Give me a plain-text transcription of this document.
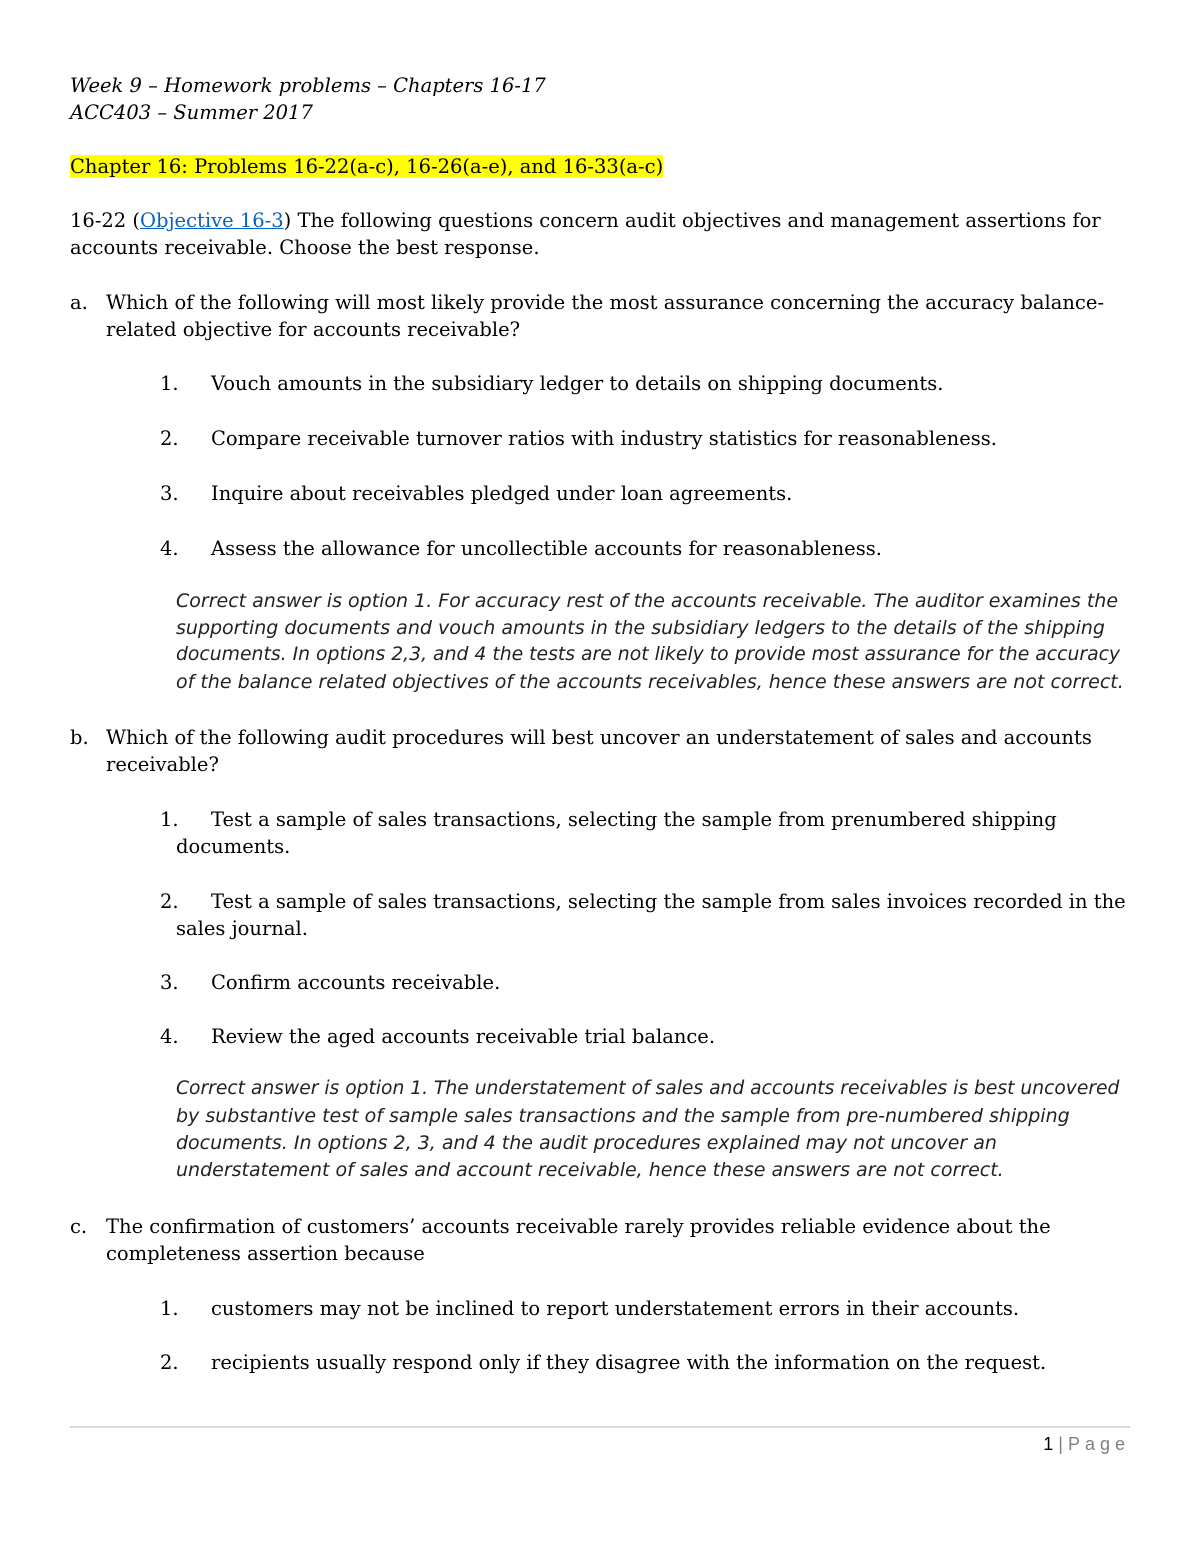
Week 9 – Homework problems – Chapters 16-17
ACC403 – Summer 2017
Chapter 16: Problems 16-22(a-c), 16-26(a-e), and 16-33(a-c)
16-22 (Objective 16-3) The following questions concern audit objectives and management assertions for
accounts receivable. Choose the best response.
a. Which of the following will most likely provide the most assurance concerning the accuracy balance-
related objective for accounts receivable?
1. Vouch amounts in the subsidiary ledger to details on shipping documents.
2. Compare receivable turnover ratios with industry statistics for reasonableness.
3. Inquire about receivables pledged under loan agreements.
4. Assess the allowance for uncollectible accounts for reasonableness.
Correct answer is option 1. For accuracy rest of the accounts receivable. The auditor examines the
supporting documents and vouch amounts in the subsidiary ledgers to the details of the shipping
documents. In options 2,3, and 4 the tests are not likely to provide most assurance for the accuracy
of the balance related objectives of the accounts receivables, hence these answers are not correct.
b. Which of the following audit procedures will best uncover an understatement of sales and accounts
receivable?
1. Test a sample of sales transactions, selecting the sample from prenumbered shipping
documents.
2. Test a sample of sales transactions, selecting the sample from sales invoices recorded in the
sales journal.
3. Confirm accounts receivable.
4. Review the aged accounts receivable trial balance.
Correct answer is option 1. The understatement of sales and accounts receivables is best uncovered
by substantive test of sample sales transactions and the sample from pre-numbered shipping
documents. In options 2, 3, and 4 the audit procedures explained may not uncover an
understatement of sales and account receivable, hence these answers are not correct.
c. The confirmation of customers’ accounts receivable rarely provides reliable evidence about the
completeness assertion because
1. customers may not be inclined to report understatement errors in their accounts.
2. recipients usually respond only if they disagree with the information on the request.
1 | Page
